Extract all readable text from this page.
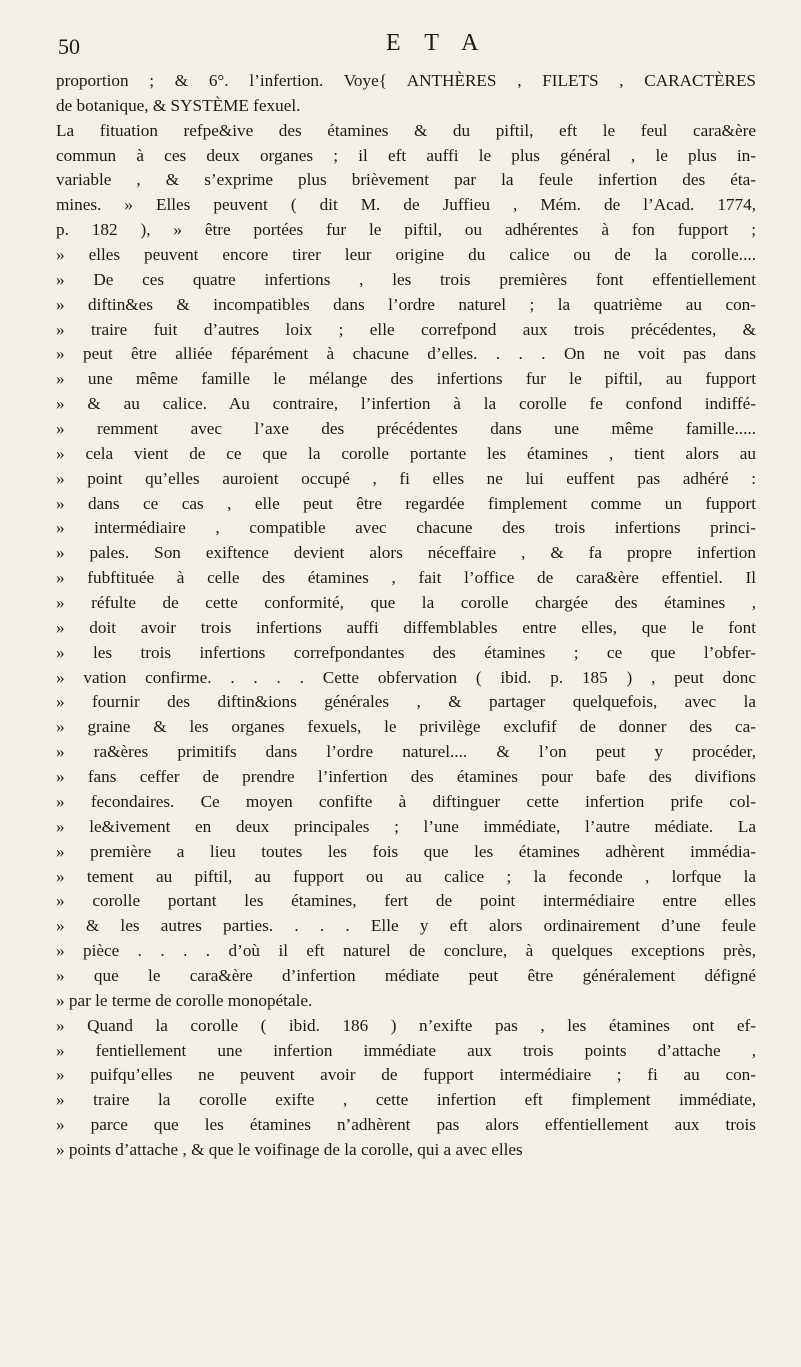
50	E T A
proportion ; & 6°. l’infertion. Voye{ ANTHÈRES , FILETS , CARACTÈRES
de botanique, & SYSTÈME fexuel.
La fituation refpe&ive des étamines & du piftil, eft le feul cara&ère
commun à ces deux organes ; il eft auffi le plus général , le plus in-
variable , & s’exprime plus brièvement par la feule infertion des éta-
mines. » Elles peuvent ( dit M. de Juffieu , Mém. de l’Acad. 1774,
p. 182 ), » être portées fur le piftil, ou adhérentes à fon fupport ;
» elles peuvent encore tirer leur origine du calice ou de la corolle....
» De ces quatre infertions , les trois premières font effentiellement
» diftin&es & incompatibles dans l’ordre naturel ; la quatrième au con-
» traire fuit d’autres loix ; elle correfpond aux trois précédentes, &
» peut être alliée féparément à chacune d’elles. . . . On ne voit pas dans
» une même famille le mélange des infertions fur le piftil, au fupport
» & au calice. Au contraire, l’infertion à la corolle fe confond indiffé-
» remment avec l’axe des précédentes dans une même famille.....
» cela vient de ce que la corolle portante les étamines , tient alors au
» point qu’elles auroient occupé , fi elles ne lui euffent pas adhéré :
» dans ce cas , elle peut être regardée fimplement comme un fupport
» intermédiaire , compatible avec chacune des trois infertions princi-
» pales. Son exiftence devient alors néceffaire , & fa propre infertion
» fubftituée à celle des étamines , fait l’office de cara&ère effentiel. Il
» réfulte de cette conformité, que la corolle chargée des étamines ,
» doit avoir trois infertions auffi diffemblables entre elles, que le font
» les trois infertions correfpondantes des étamines ; ce que l’obfer-
» vation confirme. . . . . Cette obfervation ( ibid. p. 185 ) , peut donc
» fournir des diftin&ions générales , & partager quelquefois, avec la
» graine & les organes fexuels, le privilège exclufif de donner des ca-
» ra&ères primitifs dans l’ordre naturel.... & l’on peut y procéder,
» fans ceffer de prendre l’infertion des étamines pour bafe des divifions
» fecondaires. Ce moyen confifte à diftinguer cette infertion prife col-
» le&ivement en deux principales ; l’une immédiate, l’autre médiate. La
» première a lieu toutes les fois que les étamines adhèrent immédia-
» tement au piftil, au fupport ou au calice ; la feconde , lorfque la
» corolle portant les étamines, fert de point intermédiaire entre elles
» & les autres parties. . . . Elle y eft alors ordinairement d’une feule
» pièce . . . . d’où il eft naturel de conclure, à quelques exceptions près,
» que le cara&ère d’infertion médiate peut être généralement défigné
» par le terme de corolle monopétale.
» Quand la corolle ( ibid. 186 ) n’exifte pas , les étamines ont ef-
» fentiellement une infertion immédiate aux trois points d’attache ,
» puifqu’elles ne peuvent avoir de fupport intermédiaire ; fi au con-
» traire la corolle exifte , cette infertion eft fimplement immédiate,
» parce que les étamines n’adhèrent pas alors effentiellement aux trois
» points d’attache , & que le voifinage de la corolle, qui a avec elles
